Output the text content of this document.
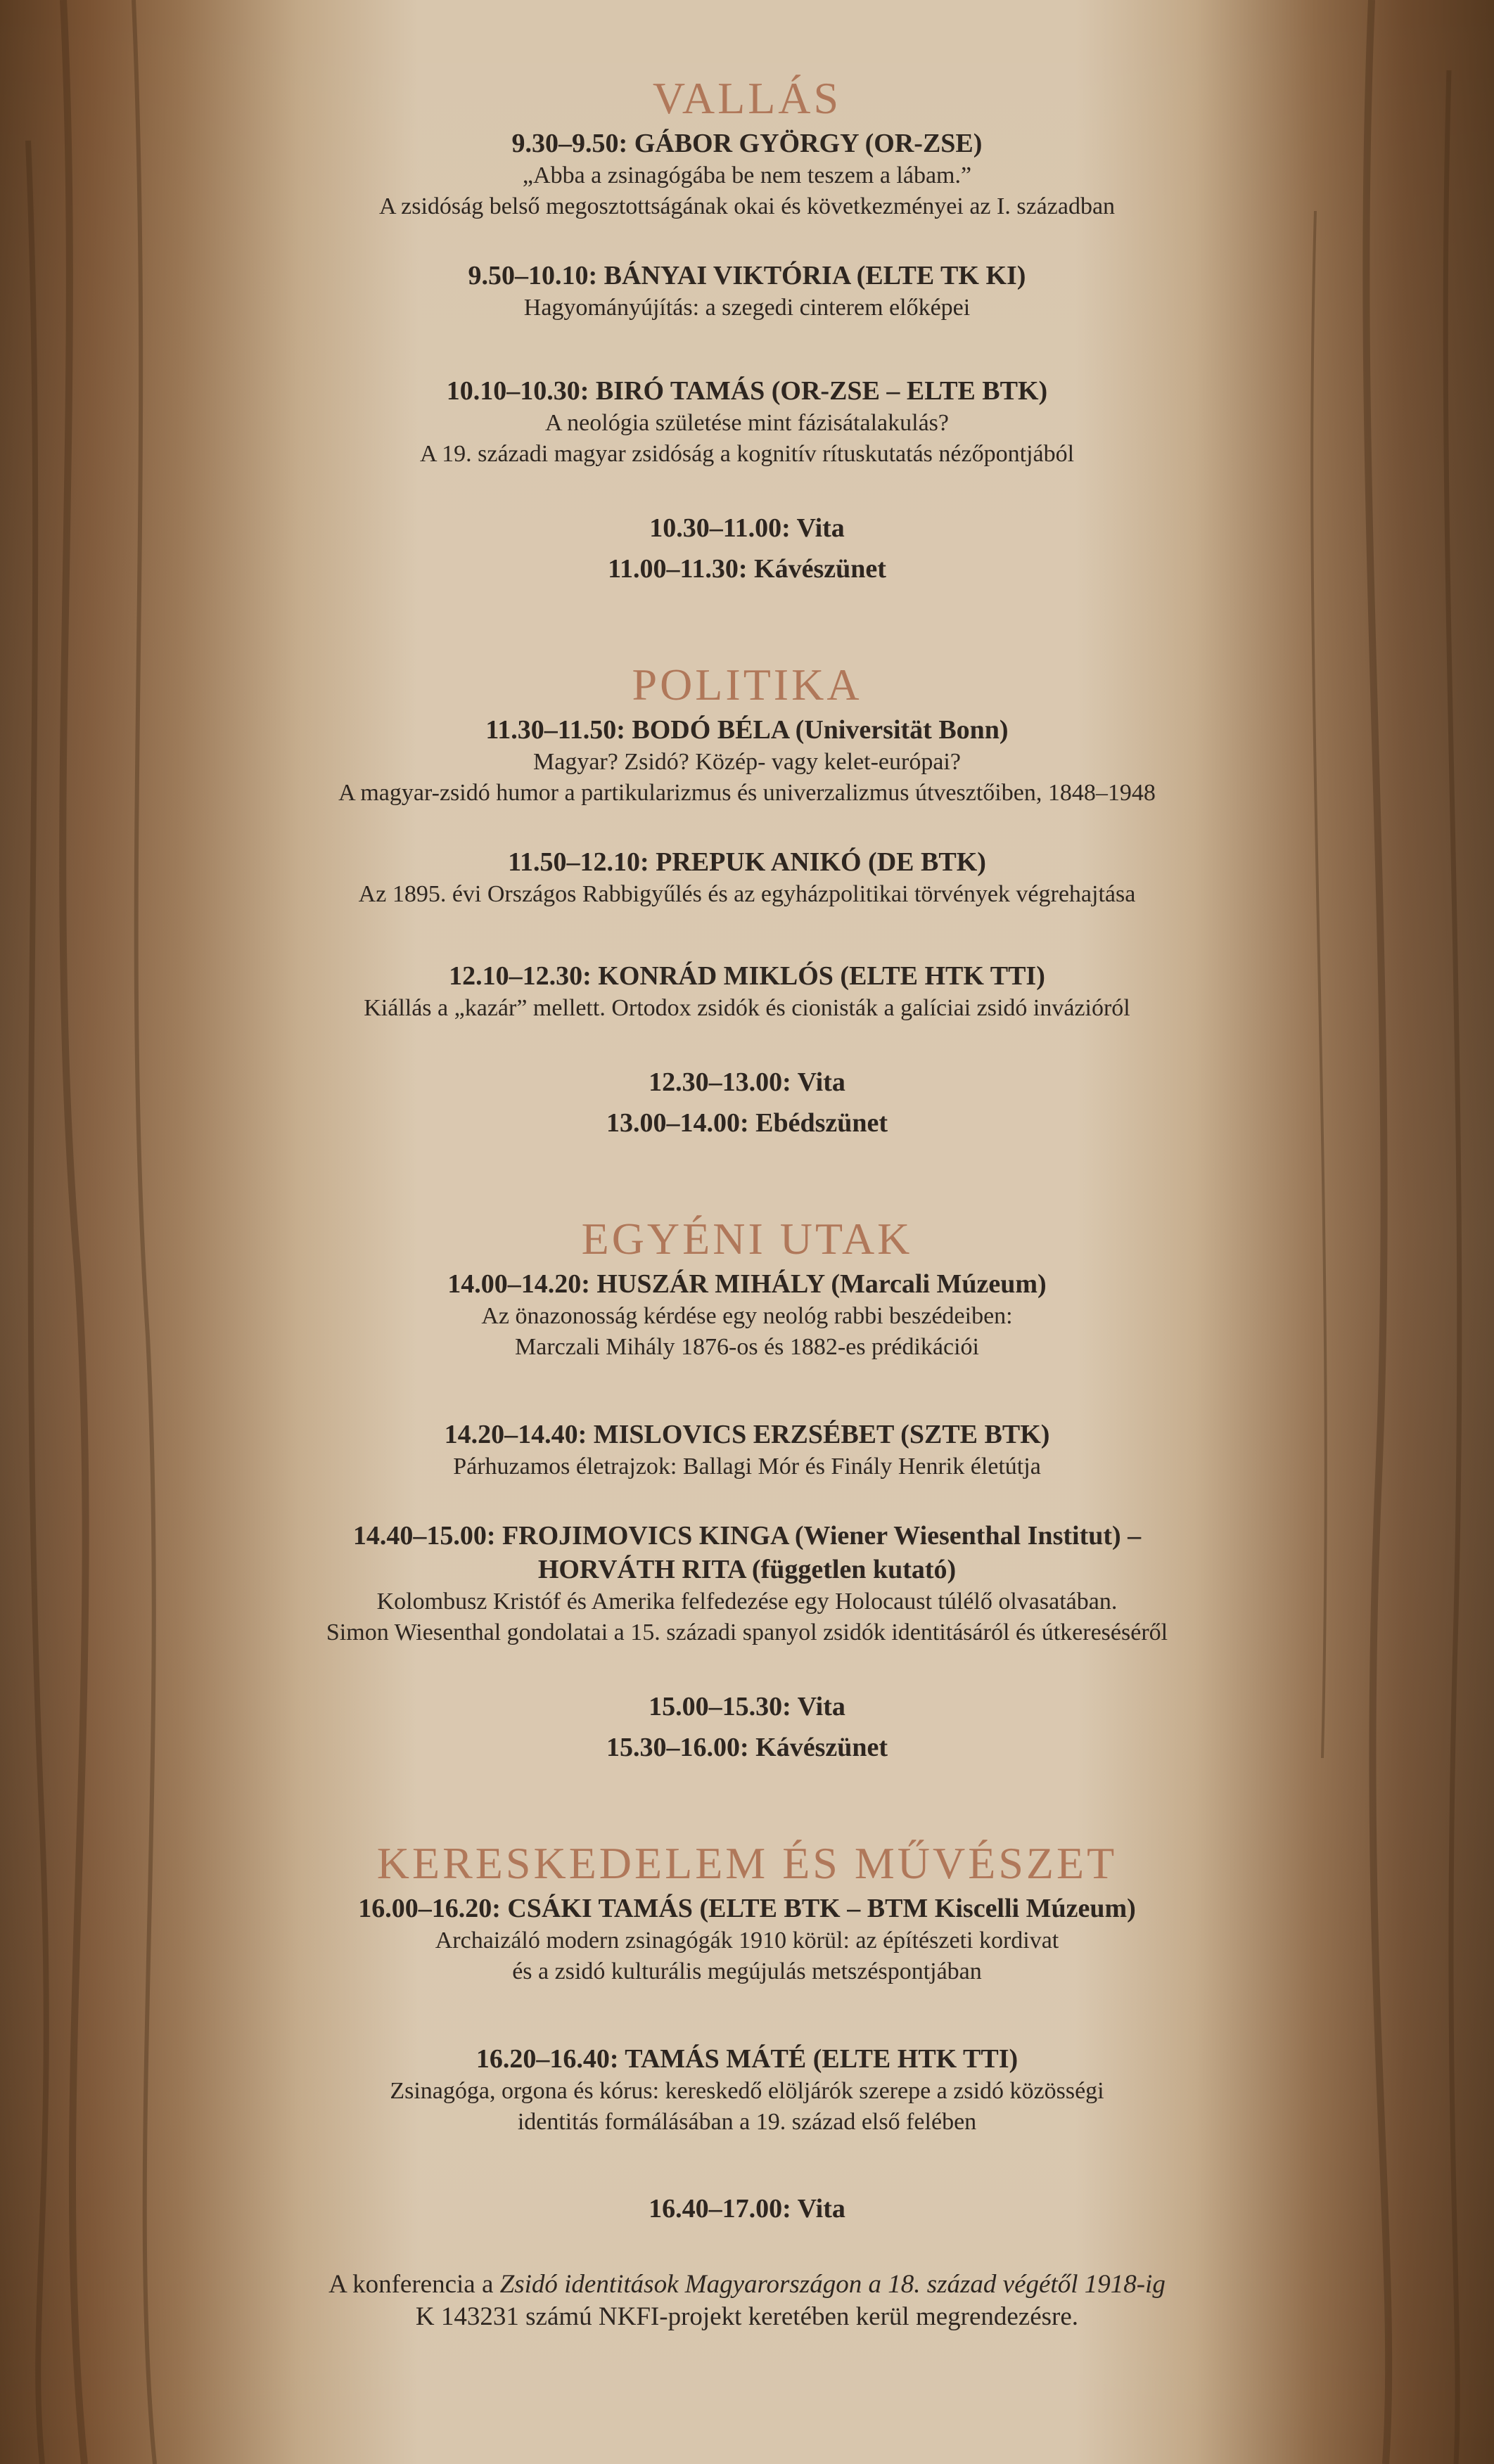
VALLÁS

9.30–9.50: GÁBOR GYÖRGY (OR-ZSE)

„Abba a zsinagógába be nem teszem a lábam.”

A zsidóság belső megosztottságának okai és következményei az I. században

9.50–10.10: BÁNYAI VIKTÓRIA (ELTE TK KI)

Hagyományújítás: a szegedi cinterem előképei

10.10–10.30: BIRÓ TAMÁS (OR-ZSE – ELTE BTK)

A neológia születése mint fázisátalakulás?

A 19. századi magyar zsidóság a kognitív rítuskutatás nézőpontjából

10.30–11.00: Vita

11.00–11.30: Kávészünet

POLITIKA

11.30–11.50: BODÓ BÉLA (Universität Bonn)

Magyar? Zsidó? Közép- vagy kelet-európai?

A magyar-zsidó humor a partikularizmus és univerzalizmus útvesztőiben, 1848–1948

11.50–12.10: PREPUK ANIKÓ (DE BTK)

Az 1895. évi Országos Rabbigyűlés és az egyházpolitikai törvények végrehajtása

12.10–12.30: KONRÁD MIKLÓS (ELTE HTK TTI)

Kiállás a „kazár” mellett. Ortodox zsidók és cionisták a galíciai zsidó invázióról

12.30–13.00: Vita

13.00–14.00: Ebédszünet

EGYÉNI UTAK

14.00–14.20: HUSZÁR MIHÁLY (Marcali Múzeum)

Az önazonosság kérdése egy neológ rabbi beszédeiben:

Marczali Mihály 1876-os és 1882-es prédikációi

14.20–14.40: MISLOVICS ERZSÉBET (SZTE BTK)

Párhuzamos életrajzok: Ballagi Mór és Finály Henrik életútja

14.40–15.00: FROJIMOVICS KINGA (Wiener Wiesenthal Institut) –

HORVÁTH RITA (független kutató)

Kolombusz Kristóf és Amerika felfedezése egy Holocaust túlélő olvasatában.

Simon Wiesenthal gondolatai a 15. századi spanyol zsidók identitásáról és útkereséséről

15.00–15.30: Vita

15.30–16.00: Kávészünet

KERESKEDELEM ÉS MŰVÉSZET

16.00–16.20: CSÁKI TAMÁS (ELTE BTK – BTM Kiscelli Múzeum)

Archaizáló modern zsinagógák 1910 körül: az építészeti kordivat

és a zsidó kulturális megújulás metszéspontjában

16.20–16.40: TAMÁS MÁTÉ (ELTE HTK TTI)

Zsinagóga, orgona és kórus: kereskedő elöljárók szerepe a zsidó közösségi

identitás formálásában a 19. század első felében

16.40–17.00: Vita

A konferencia a Zsidó identitások Magyarországon a 18. század végétől 1918-ig

K 143231 számú NKFI-projekt keretében kerül megrendezésre.
